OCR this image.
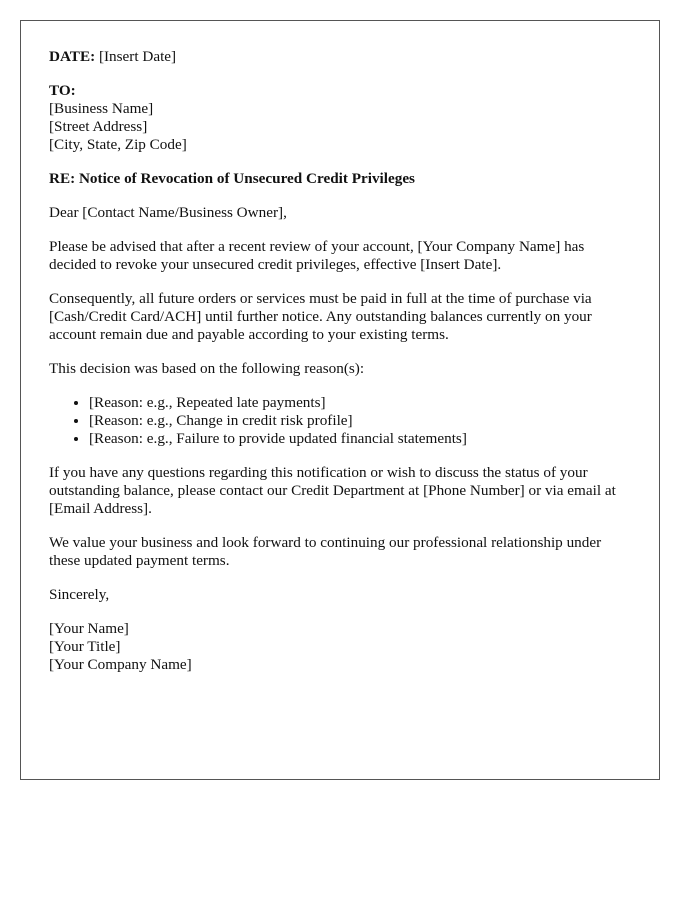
DATE: [Insert Date]

TO:
[Business Name]
[Street Address]
[City, State, Zip Code]

RE: Notice of Revocation of Unsecured Credit Privileges

Dear [Contact Name/Business Owner],

Please be advised that after a recent review of your account, [Your Company Name] has decided to revoke your unsecured credit privileges, effective [Insert Date].

Consequently, all future orders or services must be paid in full at the time of purchase via [Cash/Credit Card/ACH] until further notice. Any outstanding balances currently on your account remain due and payable according to your existing terms.

This decision was based on the following reason(s):

• [Reason: e.g., Repeated late payments]
• [Reason: e.g., Change in credit risk profile]
• [Reason: e.g., Failure to provide updated financial statements]

If you have any questions regarding this notification or wish to discuss the status of your outstanding balance, please contact our Credit Department at [Phone Number] or via email at [Email Address].

We value your business and look forward to continuing our professional relationship under these updated payment terms.

Sincerely,

[Your Name]
[Your Title]
[Your Company Name]
